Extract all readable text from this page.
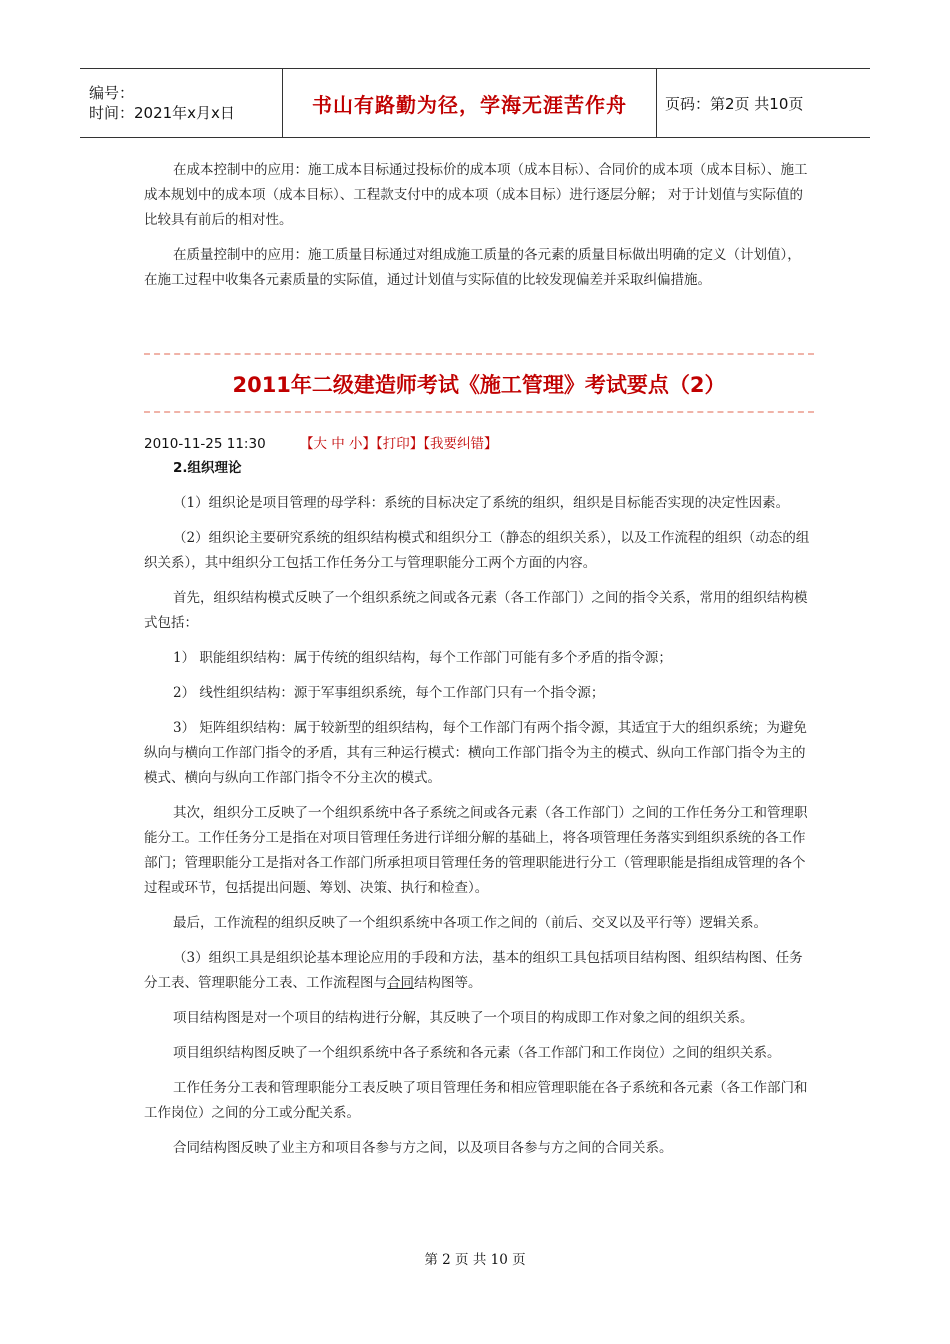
编号：
时间：2021年x月x日	书山有路勤为径，学海无涯苦作舟	页码：第2页 共10页

在成本控制中的应用：施工成本目标通过投标价的成本项（成本目标）、合同价的成本项（成本目标）、施工成本规划中的成本项（成本目标）、工程款支付中的成本项（成本目标）进行逐层分解； 对于计划值与实际值的比较具有前后的相对性。

在质量控制中的应用：施工质量目标通过对组成施工质量的各元素的质量目标做出明确的定义（计划值），在施工过程中收集各元素质量的实际值，通过计划值与实际值的比较发现偏差并采取纠偏措施。

2011年二级建造师考试《施工管理》考试要点（2）
2010-11-25 11:30	【大 中 小】【打印】【我要纠错】
2.组织理论

（1）组织论是项目管理的母学科：系统的目标决定了系统的组织，组织是目标能否实现的决定性因素。

（2）组织论主要研究系统的组织结构模式和组织分工（静态的组织关系），以及工作流程的组织（动态的组织关系），其中组织分工包括工作任务分工与管理职能分工两个方面的内容。

首先，组织结构模式反映了一个组织系统之间或各元素（各工作部门）之间的指令关系，常用的组织结构模式包括：

1） 职能组织结构：属于传统的组织结构，每个工作部门可能有多个矛盾的指令源；

2） 线性组织结构：源于军事组织系统，每个工作部门只有一个指令源；

3） 矩阵组织结构：属于较新型的组织结构，每个工作部门有两个指令源，其适宜于大的组织系统；为避免纵向与横向工作部门指令的矛盾，其有三种运行模式：横向工作部门指令为主的模式、纵向工作部门指令为主的模式、横向与纵向工作部门指令不分主次的模式。

其次，组织分工反映了一个组织系统中各子系统之间或各元素（各工作部门）之间的工作任务分工和管理职能分工。工作任务分工是指在对项目管理任务进行详细分解的基础上，将各项管理任务落实到组织系统的各工作部门；管理职能分工是指对各工作部门所承担项目管理任务的管理职能进行分工（管理职能是指组成管理的各个过程或环节，包括提出问题、筹划、决策、执行和检查）。

最后，工作流程的组织反映了一个组织系统中各项工作之间的（前后、交叉以及平行等）逻辑关系。

（3）组织工具是组织论基本理论应用的手段和方法，基本的组织工具包括项目结构图、组织结构图、任务分工表、管理职能分工表、工作流程图与合同结构图等。

项目结构图是对一个项目的结构进行分解，其反映了一个项目的构成即工作对象之间的组织关系。

项目组织结构图反映了一个组织系统中各子系统和各元素（各工作部门和工作岗位）之间的组织关系。

工作任务分工表和管理职能分工表反映了项目管理任务和相应管理职能在各子系统和各元素（各工作部门和工作岗位）之间的分工或分配关系。

合同结构图反映了业主方和项目各参与方之间，以及项目各参与方之间的合同关系。

第 2 页 共 10 页
